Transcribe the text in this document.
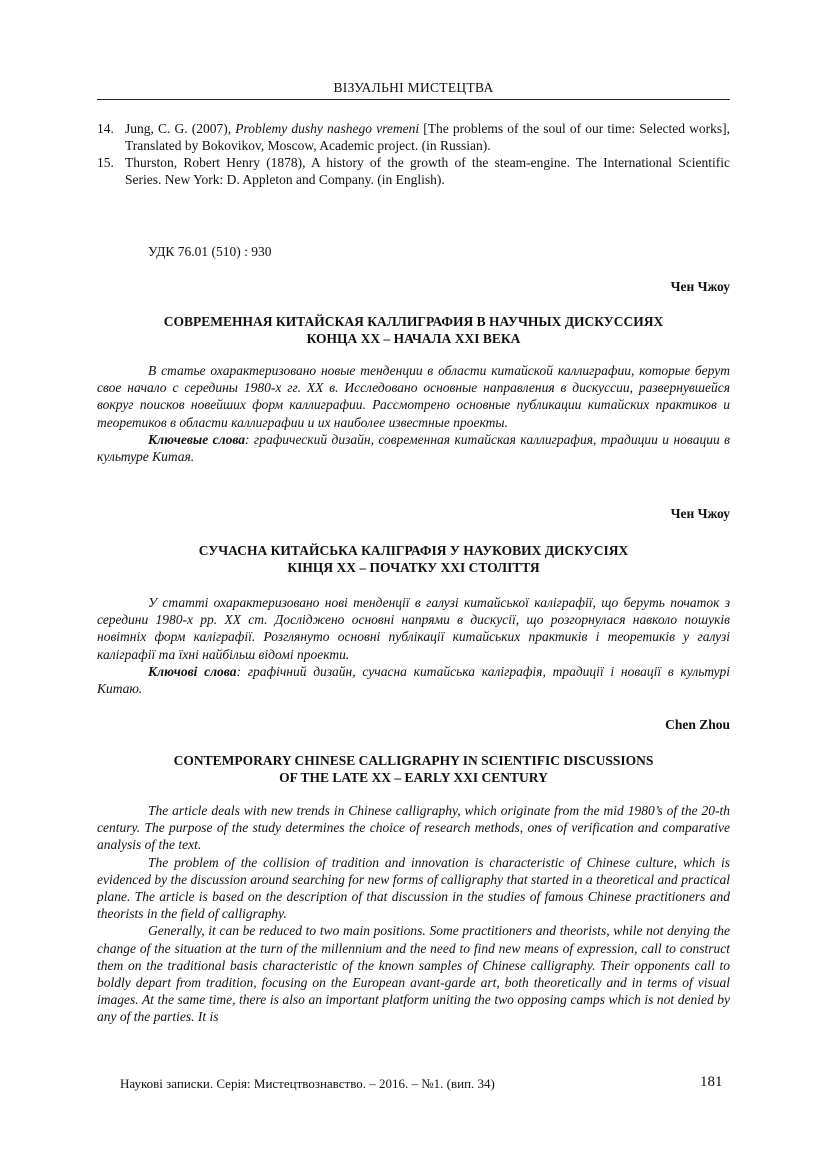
ВІЗУАЛЬНІ МИСТЕЦТВА
14. Jung, C. G. (2007), Problemy dushy nashego vremeni [The problems of the soul of our time: Selected works], Translated by Bokovikov, Moscow, Academic project. (in Russian).
15. Thurston, Robert Henry (1878), A history of the growth of the steam-engine. The International Scientific Series. New York: D. Appleton and Company. (in English).
УДК 76.01 (510) : 930
Чен Чжоу
СОВРЕМЕННАЯ КИТАЙСКАЯ КАЛЛИГРАФИЯ В НАУЧНЫХ ДИСКУССИЯХ
КОНЦА ХХ – НАЧАЛА ХХІ ВЕКА

В статье охарактеризовано новые тенденции в области китайской каллиграфии, которые берут свое начало с середины 1980-х гг. ХХ в. Исследовано основные направления в дискуссии, развернувшейся вокруг поисков новейших форм каллиграфии. Рассмотрено основные публикации китайских практиков и теоретиков в области каллиграфии и их наиболее известные проекты.

Ключевые слова: графический дизайн, современная китайская каллиграфия, традиции и новации в культуре Китая.

Чен Чжоу
СУЧАСНА КИТАЙСЬКА КАЛІГРАФІЯ У НАУКОВИХ ДИСКУСІЯХ
КІНЦЯ ХХ – ПОЧАТКУ ХХІ СТОЛІТТЯ

У статті охарактеризовано нові тенденції в галузі китайської каліграфії, що беруть початок з середини 1980-х рр. ХХ ст. Досліджено основні напрями в дискусії, що розгорнулася навколо пошуків новітніх форм каліграфії. Розглянуто основні публікації китайських практиків і теоретиків у галузі каліграфії та їхні найбільш відомі проекти.

Ключові слова: графічний дизайн, сучасна китайська каліграфія, традиції і новації в культурі Китаю.

Chen Zhou
CONTEMPORARY CHINESE CALLIGRAPHY IN SCIENTIFIC DISCUSSIONS
OF THE LATE XX – EARLY XXI CENTURY

The article deals with new trends in Chinese calligraphy, which originate from the mid 1980’s of the 20-th century. The purpose of the study determines the choice of research methods, ones of verification and comparative analysis of the text.

The problem of the collision of tradition and innovation is characteristic of Chinese culture, which is evidenced by the discussion around searching for new forms of calligraphy that started in a theoretical and practical plane. The article is based on the description of that discussion in the studies of famous Chinese practitioners and theorists in the field of calligraphy.

Generally, it can be reduced to two main positions. Some practitioners and theorists, while not denying the change of the situation at the turn of the millennium and the need to find new means of expression, call to construct them on the traditional basis characteristic of the known samples of Chinese calligraphy. Their opponents call to boldly depart from tradition, focusing on the European avant-garde art, both theoretically and in terms of visual images. At the same time, there is also an important platform uniting the two opposing camps which is not denied by any of the parties. It is

Наукові записки. Серія: Мистецтвознавство. – 2016. – №1. (вип. 34)	181
